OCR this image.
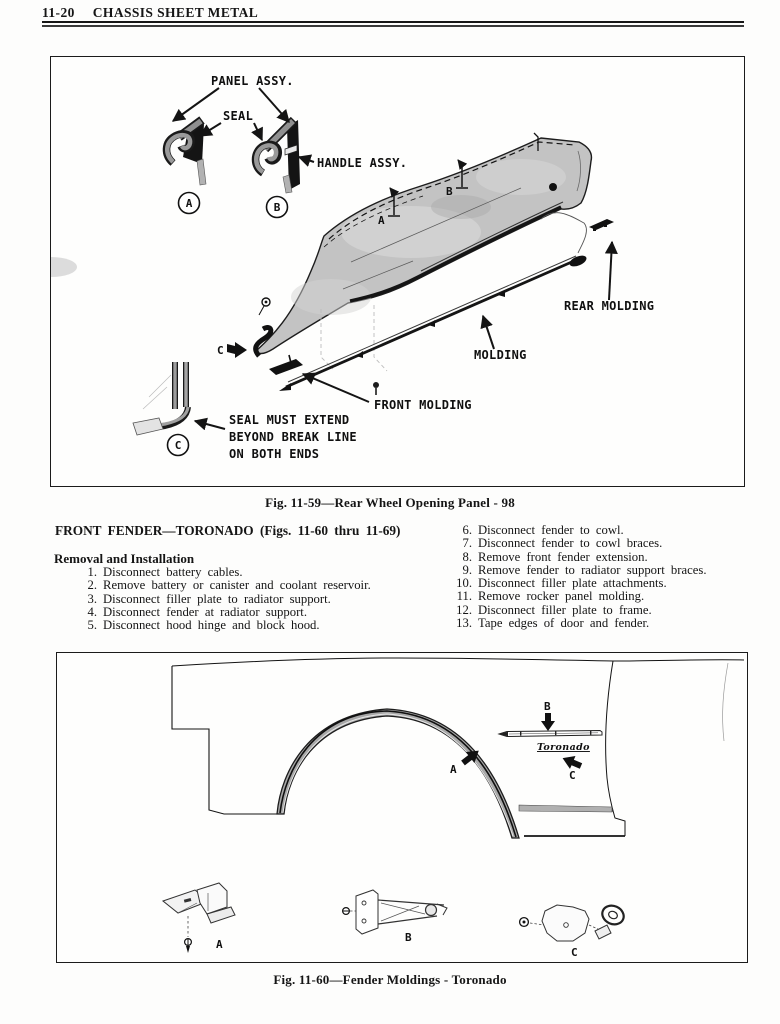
11-20 CHASSIS SHEET METAL
A
B
PANEL ASSY.
SEAL
HANDLE ASSY.
A	B
REAR MOLDING
MOLDING
FRONT MOLDING
C
C
SEAL MUST EXTEND
BEYOND BREAK LINE
ON BOTH ENDS
Fig. 11-59—Rear Wheel Opening Panel - 98
FRONT FENDER—TORONADO (Figs. 11-60 thru 11-69)
Removal and Installation
1. Disconnect battery cables.
2. Remove battery or canister and coolant reservoir.
3. Disconnect filler plate to radiator support.
4. Disconnect fender at radiator support.
5. Disconnect hood hinge and block hood.
6. Disconnect fender to cowl.
7. Disconnect fender to cowl braces.
8. Remove front fender extension.
9. Remove fender to radiator support braces.
10. Disconnect filler plate attachments.
11. Remove rocker panel molding.
12. Disconnect filler plate to frame.
13. Tape edges of door and fender.
B
A	C
Toronado
A
B
C
Fig. 11-60—Fender Moldings - Toronado
